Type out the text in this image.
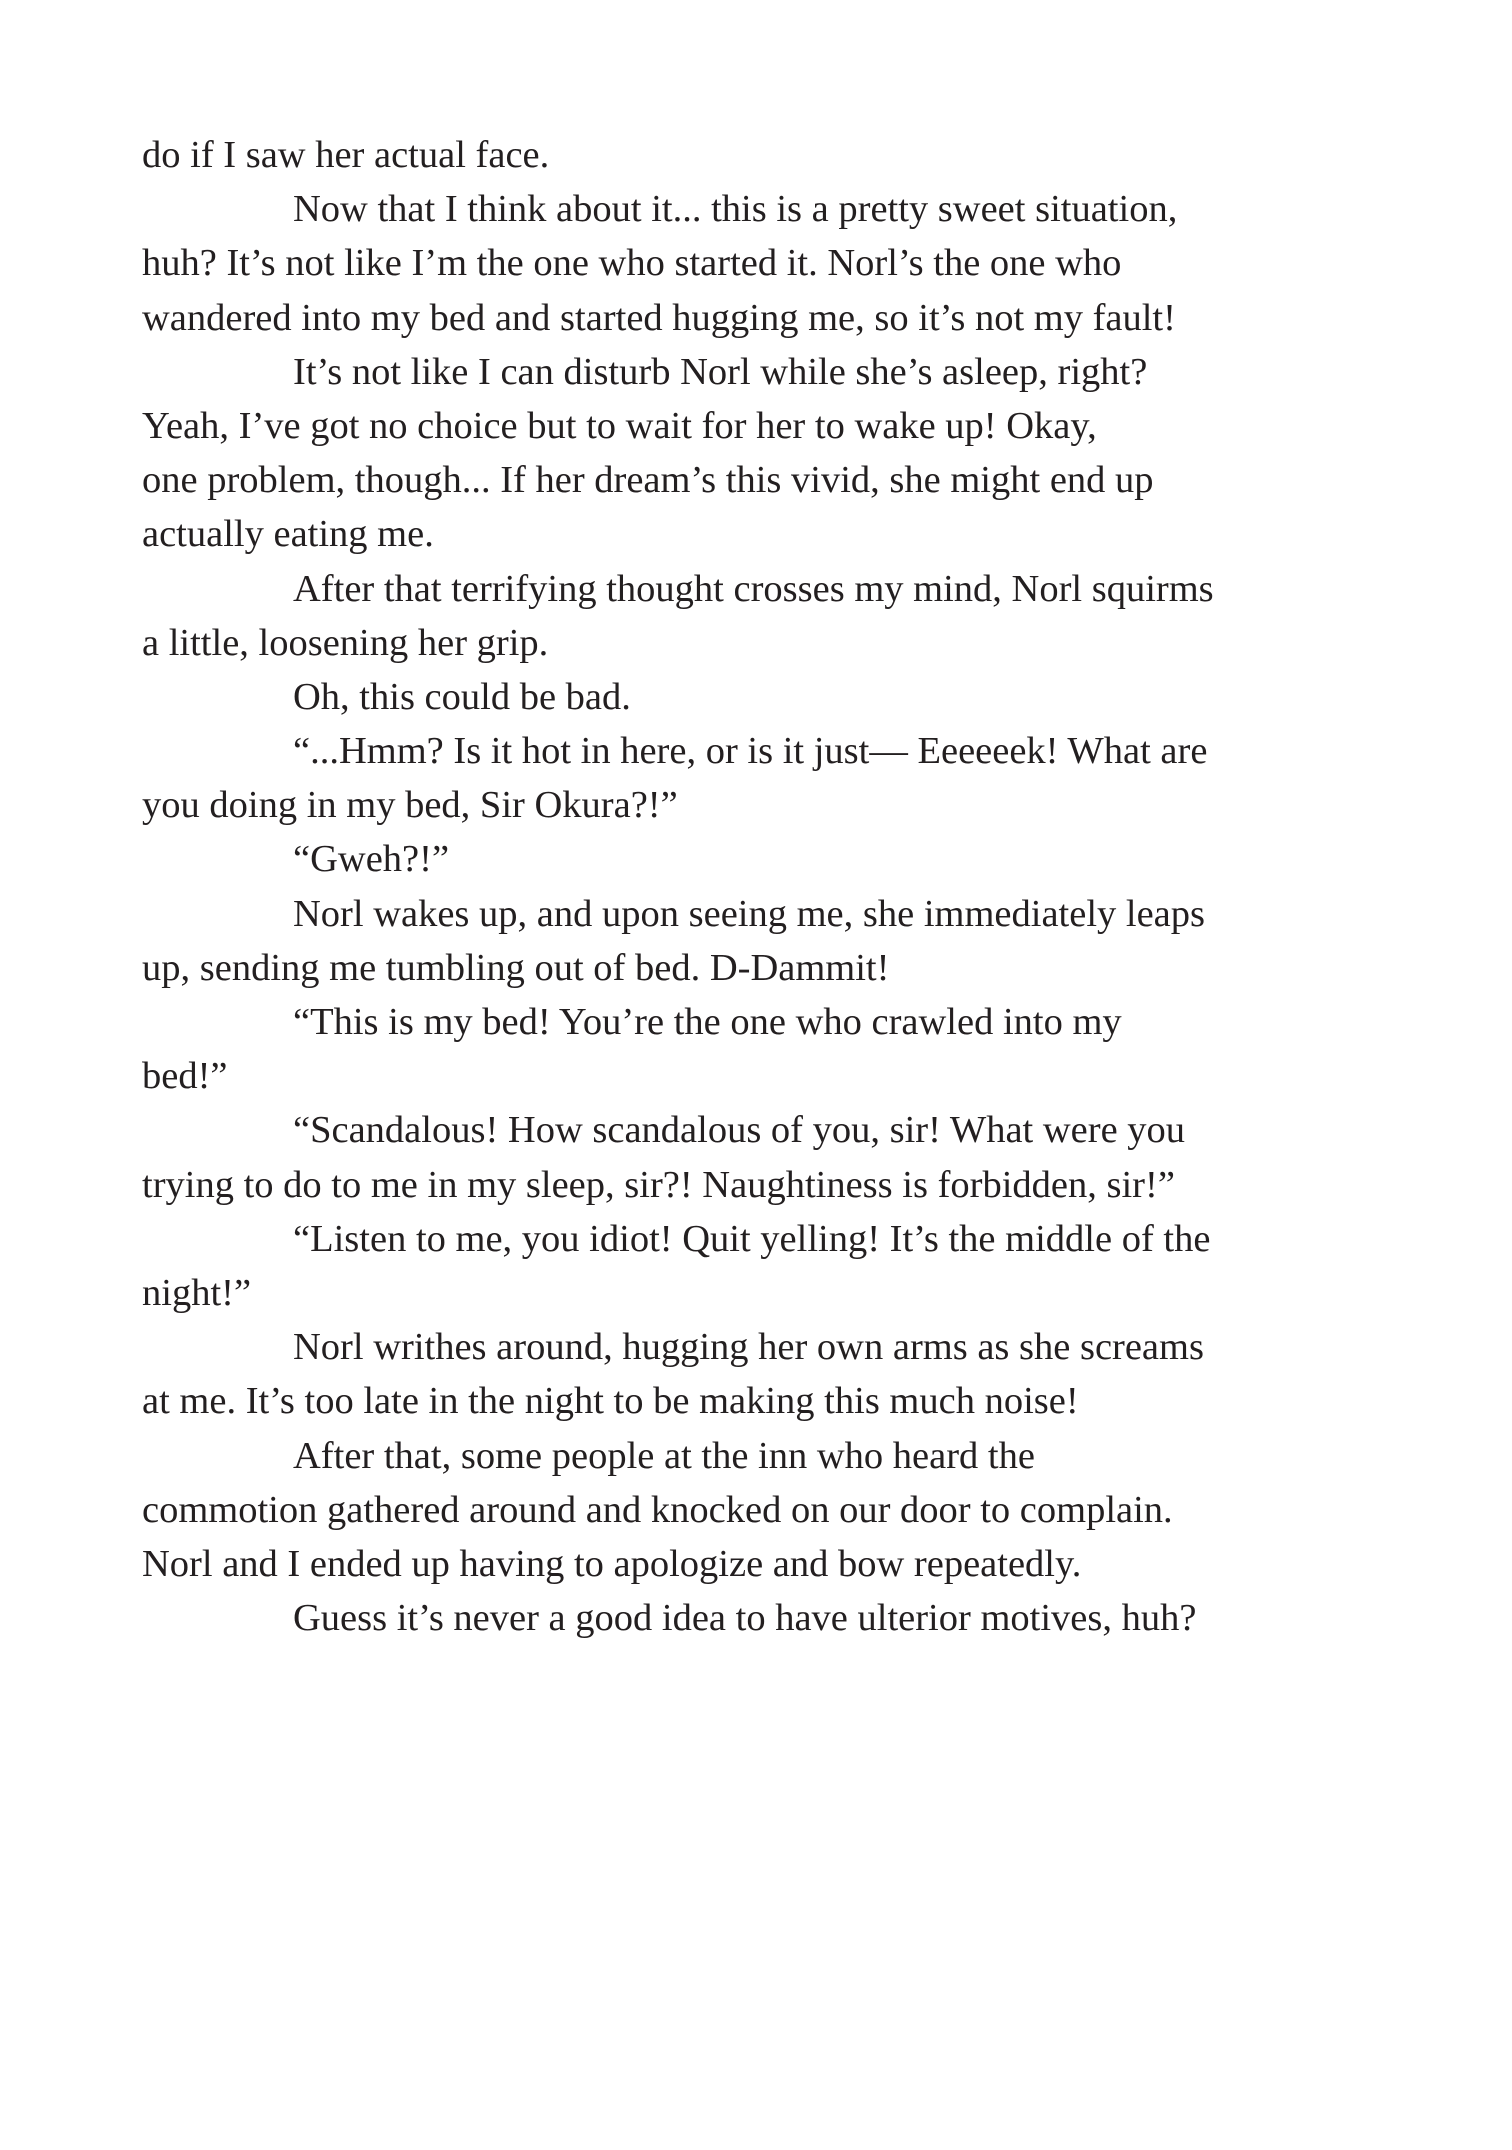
do if I saw her actual face.
Now that I think about it... this is a pretty sweet situation,
huh? It’s not like I’m the one who started it. Norl’s the one who
wandered into my bed and started hugging me, so it’s not my fault!
It’s not like I can disturb Norl while she’s asleep, right?
Yeah, I’ve got no choice but to wait for her to wake up! Okay,
one problem, though... If her dream’s this vivid, she might end up
actually eating me.
After that terrifying thought crosses my mind, Norl squirms
a little, loosening her grip.
Oh, this could be bad.
“...Hmm? Is it hot in here, or is it just— Eeeeeek! What are
you doing in my bed, Sir Okura?!”
“Gweh?!”
Norl wakes up, and upon seeing me, she immediately leaps
up, sending me tumbling out of bed. D-Dammit!
“This is my bed! You’re the one who crawled into my
bed!”
“Scandalous! How scandalous of you, sir! What were you
trying to do to me in my sleep, sir?! Naughtiness is forbidden, sir!”
“Listen to me, you idiot! Quit yelling! It’s the middle of the
night!”
Norl writhes around, hugging her own arms as she screams
at me. It’s too late in the night to be making this much noise!
After that, some people at the inn who heard the
commotion gathered around and knocked on our door to complain.
Norl and I ended up having to apologize and bow repeatedly.
Guess it’s never a good idea to have ulterior motives, huh?
